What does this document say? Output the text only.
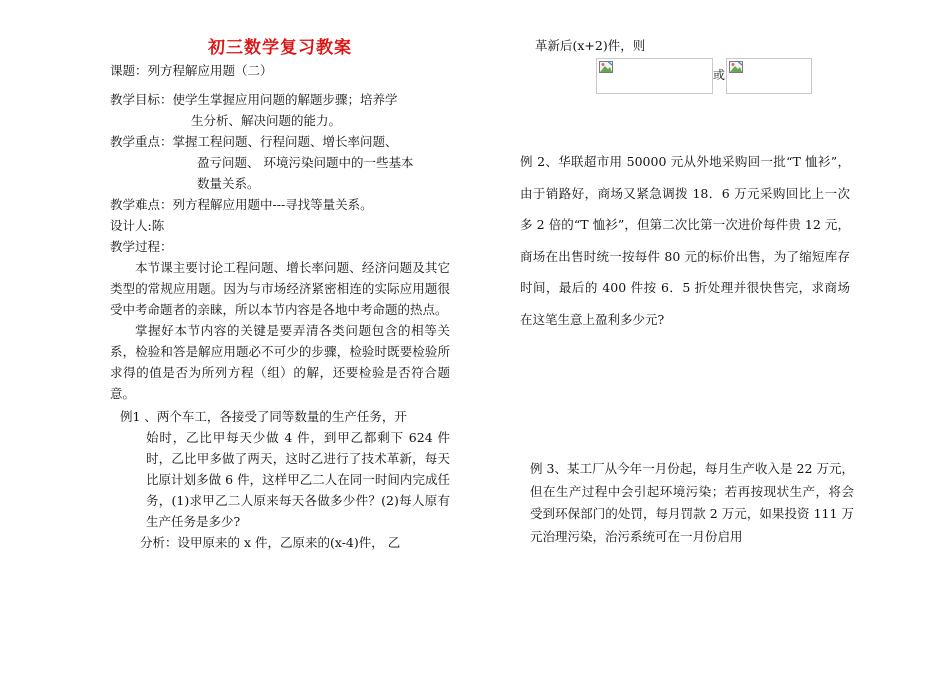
初三数学复习教案
课题：列方程解应用题（二）
教学目标：使学生掌握应用问题的解题步骤；培养学
生分析、解决问题的能力。
教学重点：掌握工程问题、行程问题、增长率问题、
盈亏问题、 环境污染问题中的一些基本
数量关系。
教学难点：列方程解应用题中---寻找等量关系。
设计人:陈
教学过程：

本节课主要讨论工程问题、增长率问题、经济问题及其它类型的常规应用题。因为与市场经济紧密相连的实际应用题很受中考命题者的亲睐，所以本节内容是各地中考命题的热点。

掌握好本节内容的关键是要弄清各类问题包含的相等关系，检验和答是解应用题必不可少的步骤，检验时既要检验所求得的值是否为所列方程（组）的解，还要检验是否符合题意。

例1 、两个车工，各接受了同等数量的生产任务，开
始时，乙比甲每天少做 4 件，到甲乙都剩下 624 件时，乙比甲多做了两天，这时乙进行了技术革新，每天比原计划多做 6 件，这样甲乙二人在同一时间内完成任务，(1)求甲乙二人原来每天各做多少件？(2)每人原有生产任务是多少?
分析：设甲原来的 x 件，乙原来的(x-4)件， 乙
革新后(x+2)件，则
或
例 2、华联超市用 50000 元从外地采购回一批“T 恤衫”，由于销路好，商场又紧急调拨 18．6 万元采购回比上一次多 2 倍的“T 恤衫”，但第二次比第一次进价每件贵 12 元，商场在出售时统一按每件 80 元的标价出售，为了缩短库存时间，最后的 400 件按 6．5 折处理并很快售完，求商场在这笔生意上盈利多少元?
例 3、某工厂从今年一月份起，每月生产收入是 22 万元，但在生产过程中会引起环境污染；若再按现状生产，将会受到环保部门的处罚，每月罚款 2 万元，如果投资 111 万元治理污染，治污系统可在一月份启用
